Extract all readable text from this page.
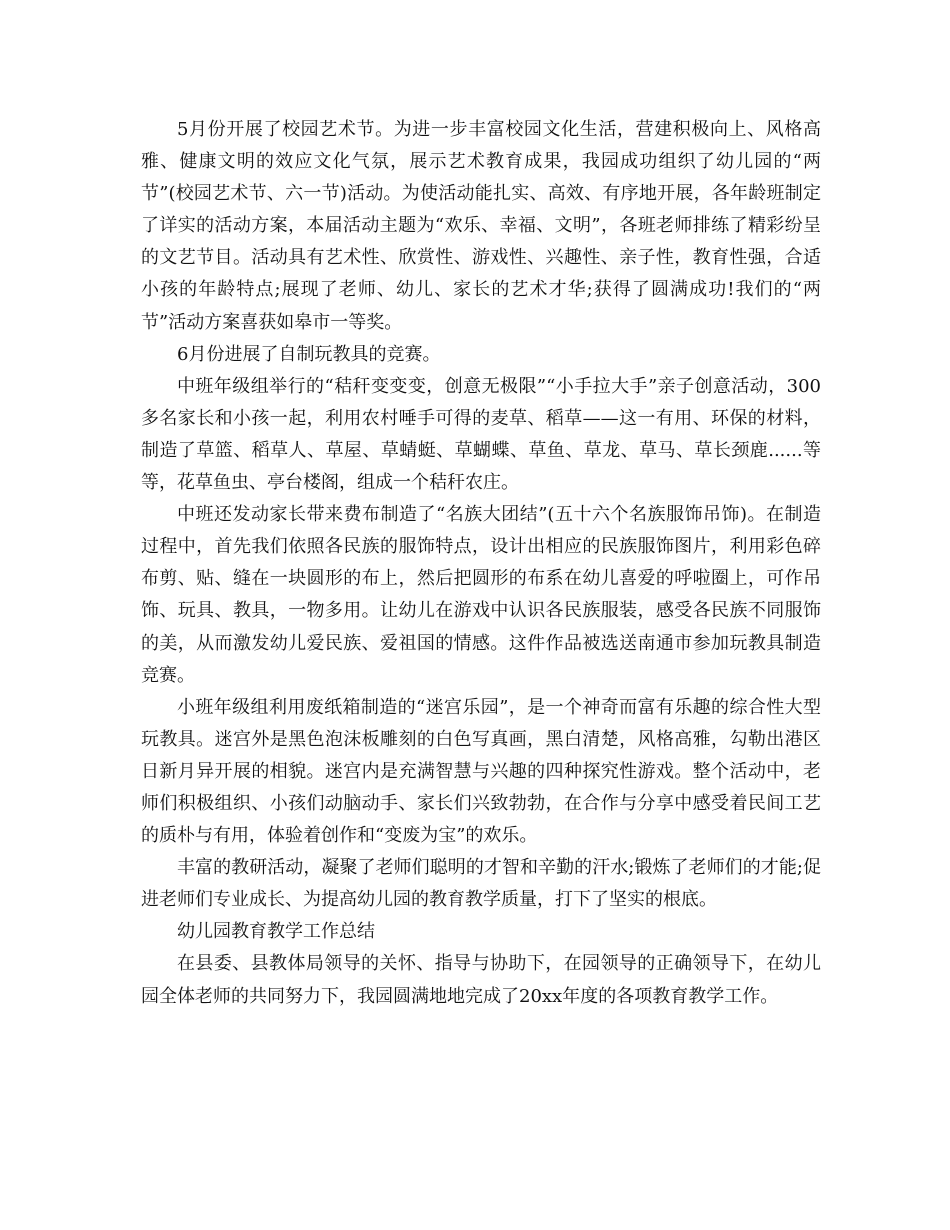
5月份开展了校园艺术节。为进一步丰富校园文化生活，营建积极向上、风格高雅、健康文明的效应文化气氛，展示艺术教育成果，我园成功组织了幼儿园的“两节”(校园艺术节、六一节)活动。为使活动能扎实、高效、有序地开展，各年龄班制定了详实的活动方案，本届活动主题为“欢乐、幸福、文明”，各班老师排练了精彩纷呈的文艺节目。活动具有艺术性、欣赏性、游戏性、兴趣性、亲子性，教育性强，合适小孩的年龄特点;展现了老师、幼儿、家长的艺术才华;获得了圆满成功!我们的“两节”活动方案喜获如皋市一等奖。

6月份进展了自制玩教具的竞赛。

中班年级组举行的“秸秆变变变，创意无极限”“小手拉大手”亲子创意活动，300多名家长和小孩一起，利用农村唾手可得的麦草、稻草——这一有用、环保的材料，制造了草篮、稻草人、草屋、草蜻蜓、草蝴蝶、草鱼、草龙、草马、草长颈鹿......等等，花草鱼虫、亭台楼阁，组成一个秸秆农庄。

中班还发动家长带来费布制造了“名族大团结”(五十六个名族服饰吊饰)。在制造过程中，首先我们依照各民族的服饰特点，设计出相应的民族服饰图片，利用彩色碎布剪、贴、缝在一块圆形的布上，然后把圆形的布系在幼儿喜爱的呼啦圈上，可作吊饰、玩具、教具，一物多用。让幼儿在游戏中认识各民族服装，感受各民族不同服饰的美，从而激发幼儿爱民族、爱祖国的情感。这件作品被选送南通市参加玩教具制造竞赛。

小班年级组利用废纸箱制造的“迷宫乐园”，是一个神奇而富有乐趣的综合性大型玩教具。迷宫外是黑色泡沫板雕刻的白色写真画，黑白清楚，风格高雅，勾勒出港区日新月异开展的相貌。迷宫内是充满智慧与兴趣的四种探究性游戏。整个活动中，老师们积极组织、小孩们动脑动手、家长们兴致勃勃，在合作与分享中感受着民间工艺的质朴与有用，体验着创作和“变废为宝”的欢乐。

丰富的教研活动，凝聚了老师们聪明的才智和辛勤的汗水;锻炼了老师们的才能;促进老师们专业成长、为提高幼儿园的教育教学质量，打下了坚实的根底。

幼儿园教育教学工作总结

在县委、县教体局领导的关怀、指导与协助下，在园领导的正确领导下，在幼儿园全体老师的共同努力下，我园圆满地地完成了20xx年度的各项教育教学工作。
